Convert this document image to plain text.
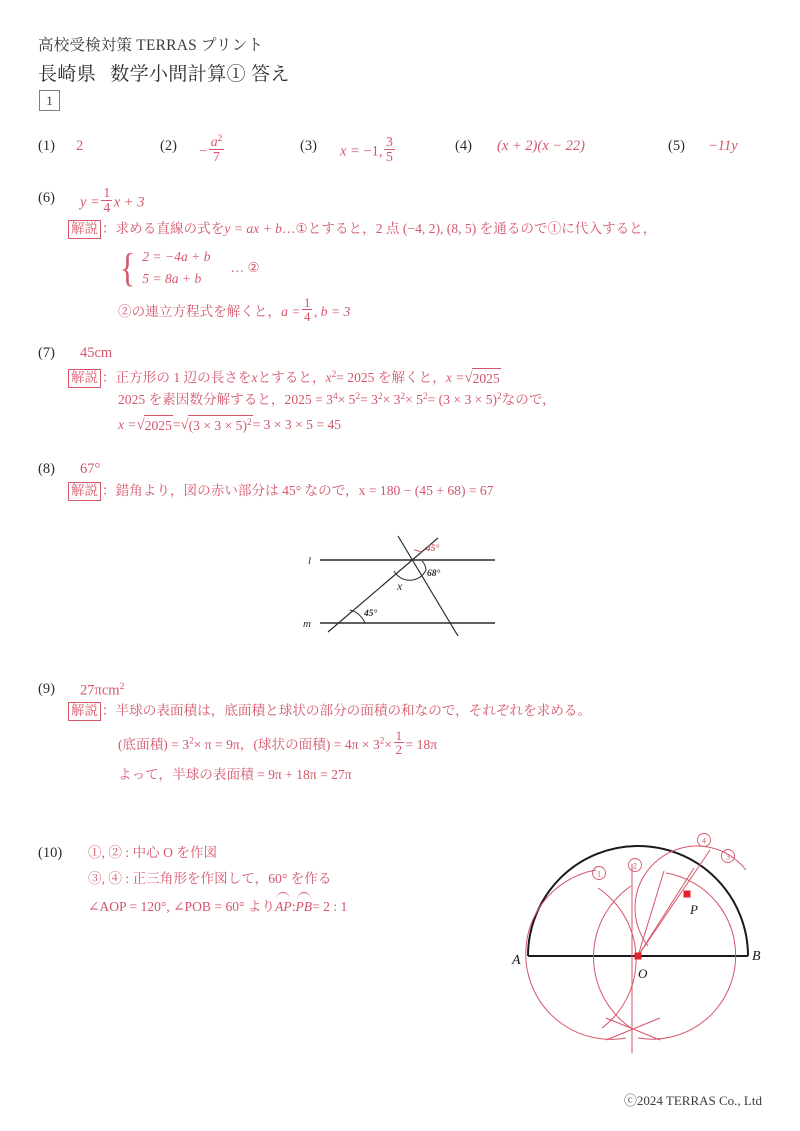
高校受検対策 TERRAS プリント
長崎県 数学小問計算① 答え
1
(1) 2	$(2) - \frac{a^2}{7}$	(3) x = −1, $\frac{3}{5}$	(4) (x + 2)(x − 22)	(5) −11y
(6) $y = \frac{1}{4}$ x + 3
解説 ：求める直線の式をy = ax + b…①とすると，2 点 (−4, 2), (8, 5) を通るので①に代入すると，
{ 2 = −4a + b
5 = 8a + b
… ②
②の連立方程式を解くと，$a = \frac{1}{4}$ , b = 3
(7) 45cm
解説 ：正方形の 1 辺の長さをxとすると，$x^2= 2025$ を解くと，x =√2025
2025 を素因数分解すると，$2025 = 3^4\times 5^2= 3^2\times 3^2\times 5^2= (3 \times 3 \times 5)^2$なので，
$x =√2025=√(3 \times 3 \times 5)^2= 3 \times 3 \times 5 = 45$
(8) 67°
解説 ：錯角より，図の赤い部分は 45° なので，x = 180 − (45 + 68) = 67
l
m
45°
68°
x
45°
(9) 27πcm$^2$
解説 ：半球の表面積は，底面積と球状の部分の面積の和なので，それぞれを求める。
(底面積) = $3^2\times \pi = 9\pi$，(球状の面積) = $4\pi \times 3^2\times \frac{1}{2} = 18\pi$
よって，半球の表面積 = 9π + 18π = 27π
(10) ①, ② : 中心 O を作図
③, ④ : 正三角形を作図して，60° を作る
∠AOP = 120°, ∠POB = 60° より
AP:
PB= 2 : 1
1
2
3
4
A	B
O
P
ⓒ2024 TERRAS Co., Ltd
